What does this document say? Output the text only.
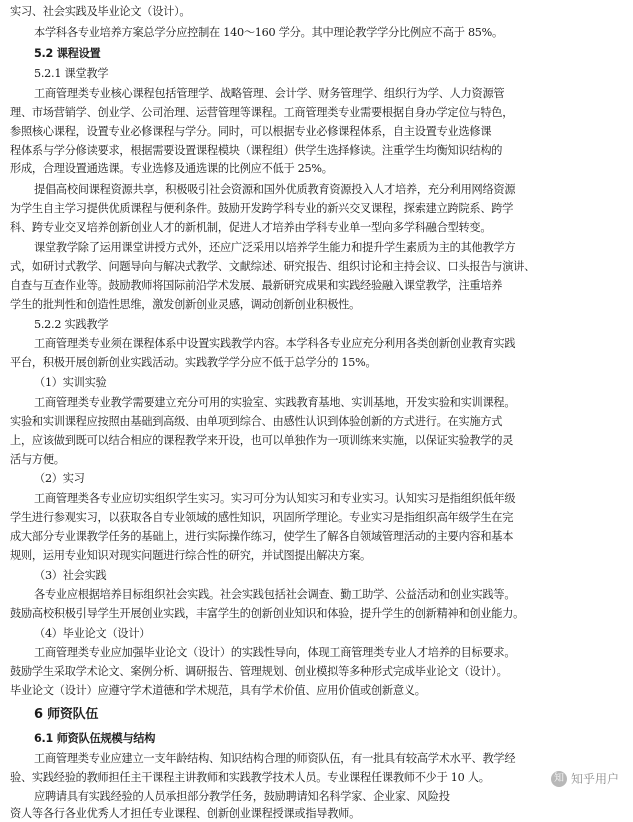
实习、社会实践及毕业论文（设计）。
本学科各专业培养方案总学分应控制在 140～160 学分。其中理论教学学分比例应不高于 85%。
5.2 课程设置
5.2.1 课堂教学
工商管理类专业核心课程包括管理学、战略管理、会计学、财务管理学、组织行为学、人力资源管
理、市场营销学、创业学、公司治理、运营管理等课程。工商管理类专业需要根据自身办学定位与特色，
参照核心课程，设置专业必修课程与学分。同时，可以根据专业必修课程体系，自主设置专业选修课
程体系与学分修读要求，根据需要设置课程模块（课程组）供学生选择修读。注重学生均衡知识结构的
形成，合理设置通选课。专业选修及通选课的比例应不低于 25%。
提倡高校间课程资源共享，积极吸引社会资源和国外优质教育资源投入人才培养，充分利用网络资源
为学生自主学习提供优质课程与便利条件。鼓励开发跨学科专业的新兴交叉课程，探索建立跨院系、跨学
科、跨专业交叉培养创新创业人才的新机制，促进人才培养由学科专业单一型向多学科融合型转变。
课堂教学除了运用课堂讲授方式外，还应广泛采用以培养学生能力和提升学生素质为主的其他教学方
式，如研讨式教学、问题导向与解决式教学、文献综述、研究报告、组织讨论和主持会议、口头报告与演讲、
自查与互查作业等。鼓励教师将国际前沿学术发展、最新研究成果和实践经验融入课堂教学，注重培养
学生的批判性和创造性思维，激发创新创业灵感，调动创新创业积极性。
5.2.2 实践教学
工商管理类专业须在课程体系中设置实践教学内容。本学科各专业应充分利用各类创新创业教育实践
平台，积极开展创新创业实践活动。实践教学学分应不低于总学分的 15%。
（1）实训实验
工商管理类专业教学需要建立充分可用的实验室、实践教育基地、实训基地，开发实验和实训课程。
实验和实训课程应按照由基础到高级、由单项到综合、由感性认识到体验创新的方式进行。在实施方式
上，应该做到既可以结合相应的课程教学来开设，也可以单独作为一项训练来实施，以保证实验教学的灵
活与方便。
（2）实习
工商管理类各专业应切实组织学生实习。实习可分为认知实习和专业实习。认知实习是指组织低年级
学生进行参观实习，以获取各自专业领域的感性知识，巩固所学理论。专业实习是指组织高年级学生在完
成大部分专业课教学任务的基础上，进行实际操作练习，使学生了解各自领域管理活动的主要内容和基本
规则，运用专业知识对现实问题进行综合性的研究，并试图提出解决方案。
（3）社会实践
各专业应根据培养目标组织社会实践。社会实践包括社会调查、勤工助学、公益活动和创业实践等。
鼓励高校积极引导学生开展创业实践，丰富学生的创新创业知识和体验，提升学生的创新精神和创业能力。
（4）毕业论文（设计）
工商管理类专业应加强毕业论文（设计）的实践性导向，体现工商管理类专业人才培养的目标要求。
鼓励学生采取学术论文、案例分析、调研报告、管理规划、创业模拟等多种形式完成毕业论文（设计）。
毕业论文（设计）应遵守学术道德和学术规范，具有学术价值、应用价值或创新意义。
6 师资队伍
6.1 师资队伍规模与结构
工商管理类专业应建立一支年龄结构、知识结构合理的师资队伍，有一批具有较高学术水平、教学经
验、实践经验的教师担任主干课程主讲教师和实践教学技术人员。专业课程任课教师不少于 10 人。
应聘请具有实践经验的人员承担部分教学任务，鼓励聘请知名科学家、企业家、风险投
资人等各行各业优秀人才担任专业课程、创新创业课程授课或指导教师。
知 知乎用户
